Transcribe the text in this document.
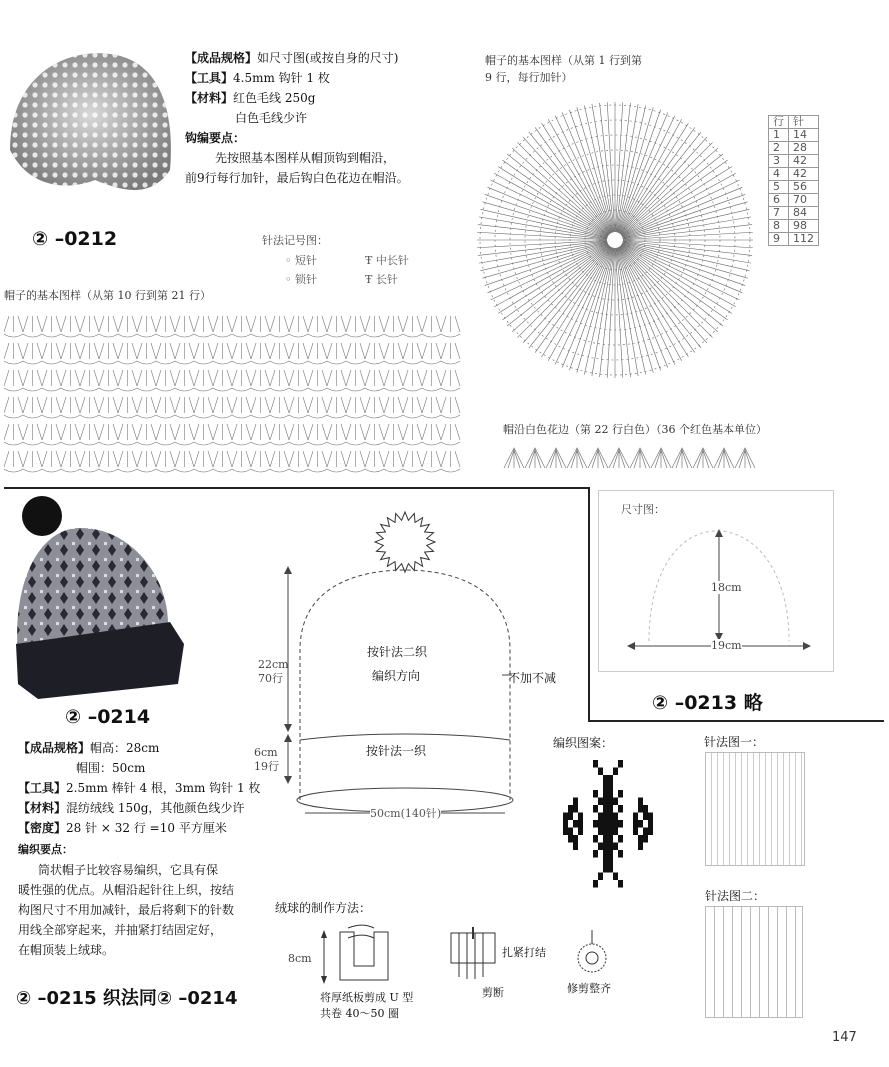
【成品规格】如尺寸图(或按自身的尺寸)
【工具】4.5mm 钩针 1 枚
【材料】红色毛线 250g
白色毛线少许
钩编要点：
先按照基本图样从帽顶钩到帽沿，
前9行每行加针，最后钩白色花边在帽沿。
② –0212	针法记号图：
◦ 短针	Ŧ 中长针
◦ 锁针	Ŧ 长针
帽子的基本图样（从第 1 行到第
9 行，每行加针）
行	针
1	14
2	28
3	42
4	42
5	56
6	70
7	84
8	98
9	112
帽子的基本图样（从第 10 行到第 21 行）
帽沿白色花边（第 22 行白色）（36 个红色基本单位）
尺寸图：
18cm
19cm
② –0213 略
② –0214
【成品规格】帽高：28cm
帽围：50cm
【工具】2.5mm 棒针 4 根，3mm 钩针 1 枚
【材料】混纺绒线 150g，其他颜色线少许
【密度】28 针 × 32 行 =10 平方厘米
编织要点：
筒状帽子比较容易编织，它具有保
暖性强的优点。从帽沿起针往上织，按结
构图尺寸不用加减针，最后将剩下的针数
用线全部穿起来，并抽紧打结固定好，
在帽顶装上绒球。
② –0215 织法同② –0214
22cm
70行
6cm
19行
按针法二织
编织方向	不加不减
按针法一织
50cm(140针)
编织图案：	针法图一：
针法图二：
绒球的制作方法：
8cm
将厚纸板剪成 U 型
共卷 40～50 圈
扎紧打结
剪断	修剪整齐
147
